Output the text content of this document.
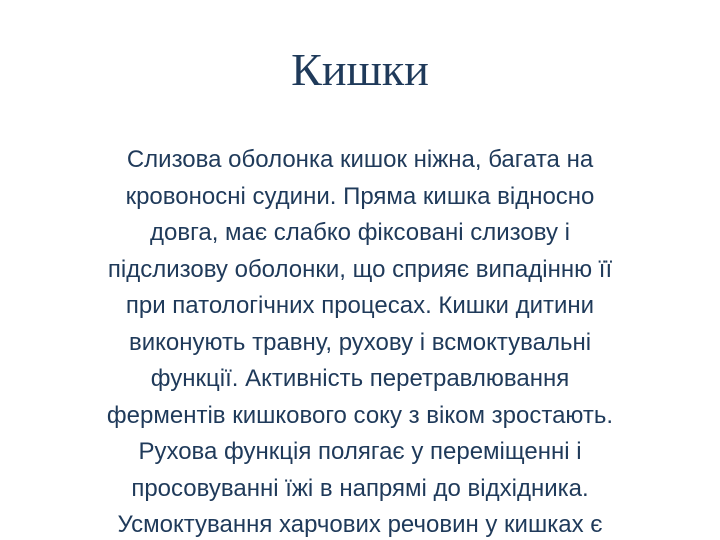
Кишки
Слизова оболонка кишок ніжна, багата на
кровоносні судини. Пряма кишка відносно
довга, має слабко фіксовані слизову і
підслизову оболонки, що сприяє випадінню її
при патологічних процесах. Кишки дитини
виконують травну, рухову і всмоктувальні
функції. Активність перетравлювання
ферментів кишкового соку з віком зростають.
Рухова функція полягає у переміщенні і
просовуванні їжі в напрямі до відхідника.
Усмоктування харчових речовин у кишках є
